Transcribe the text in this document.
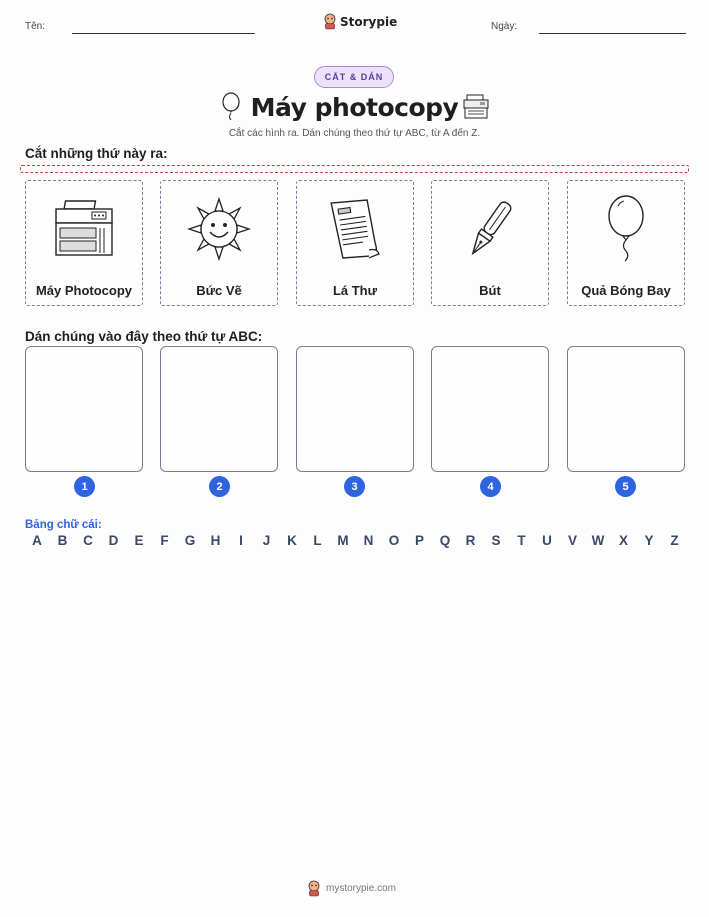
Tên:	Storypie	Ngày:
CẮT & DÁN
Máy photocopy
Cắt các hình ra. Dán chúng theo thứ tự ABC, từ A đến Z.
Cắt những thứ này ra:
Máy Photocopy	Bức Vẽ	Lá Thư	Bút	Quả Bóng Bay
Dán chúng vào đây theo thứ tự ABC:
1	2	3	4	5
Bảng chữ cái:
A B C D E F G H	I	J K L M N O P Q R S T U V W X Y Z
mystorypie.com
